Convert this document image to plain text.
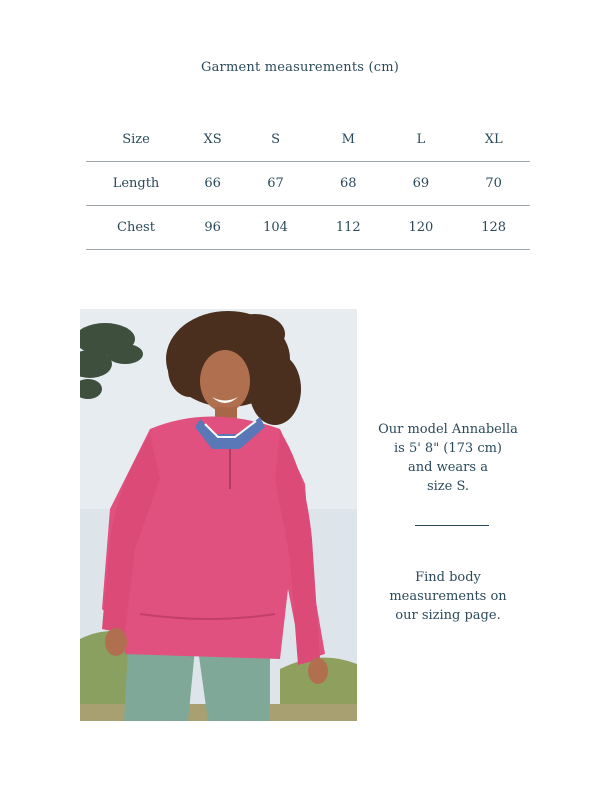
Garment measurements (cm)
Size	XS	S	M	L	XL
Length	66	67	68	69	70
Chest	96	104	112	120	128
Our model Annabella
is 5' 8" (173 cm)
and wears a
size S.
Find body
measurements on
our sizing page.
